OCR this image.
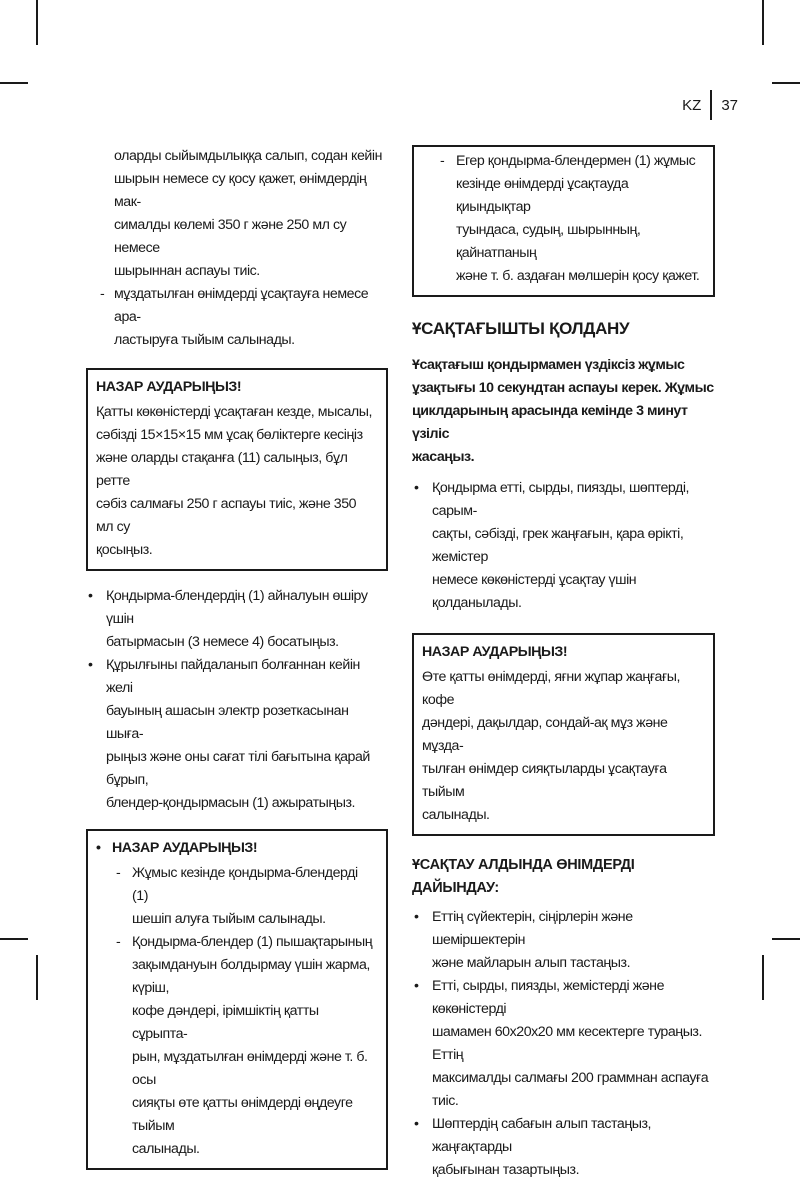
KZ 37
оларды сыйымдылыққа салып, содан кейін
шырын немесе су қосу қажет, өнімдердің мак-
сималды көлемі 350 г және 250 мл су немесе
шырыннан аспауы тиіс.
- мұздатылған өнімдерді ұсақтауға немесе ара-
ластыруға тыйым салынады.
НАЗАР АУДАРЫҢЫЗ!
Қатты көкөністерді ұсақтаған кезде, мысалы,
сәбізді 15×15×15 мм ұсақ бөліктерге кесіңіз
және оларды стақанға (11) салыңыз, бұл ретте
сәбіз салмағы 250 г аспауы тиіс, және 350 мл су
қосыңыз.
• Қондырма-блендердің (1) айналуын өшіру үшін
батырмасын (3 немесе 4) босатыңыз.
• Құрылғыны пайдаланып болғаннан кейін желі
бауының ашасын электр розеткасынан шыға-
рыңыз және оны сағат тілі бағытына қарай бұрып,
блендер-қондырмасын (1) ажыратыңыз.
• НАЗАР АУДАРЫҢЫЗ!
- Жұмыс кезінде қондырма-блендерді (1)
шешіп алуға тыйым салынады.
- Қондырма-блендер (1) пышақтарының
зақымдануын болдырмау үшін жарма, күріш,
кофе дәндері, ірімшіктің қатты сұрыпта-
рын, мұздатылған өнімдерді және т. б. осы
сияқты өте қатты өнімдерді өңдеуге тыйым
салынады.
- Егер қондырма-блендермен (1) жұмыс
кезінде өнімдерді ұсақтауда қиындықтар
туындаса, судың, шырынның, қайнатпаның
және т. б. аздаған мөлшерін қосу қажет.
ҰСАҚТАҒЫШТЫ ҚОЛДАНУ
Ұсақтағыш қондырмамен үздіксіз жұмыс
ұзақтығы 10 секундтан аспауы керек. Жұмыс
циклдарының арасында кемінде 3 минут үзіліс
жасаңыз.
• Қондырма етті, сырды, пиязды, шөптерді, сарым-
сақты, сәбізді, грек жаңғағын, қара өрікті, жемістер
немесе көкөністерді ұсақтау үшін қолданылады.
НАЗАР АУДАРЫҢЫЗ!
Өте қатты өнімдерді, яғни жұпар жаңғағы, кофе
дәндері, дақылдар, сондай-ақ мұз және мұзда-
тылған өнімдер сияқтыларды ұсақтауға тыйым
салынады.
ҰСАҚТАУ АЛДЫНДА ӨНІМДЕРДІ ДАЙЫНДАУ:
• Еттің сүйектерін, сіңірлерін және шеміршектерін
және майларын алып тастаңыз.
• Етті, сырды, пиязды, жемістерді және көкөністерді
шамамен 60х20х20 мм кесектерге тураңыз. Еттің
максималды салмағы 200 граммнан аспауға тиіс.
• Шөптердің сабағын алып тастаңыз, жаңғақтарды
қабығынан тазартыңыз.
